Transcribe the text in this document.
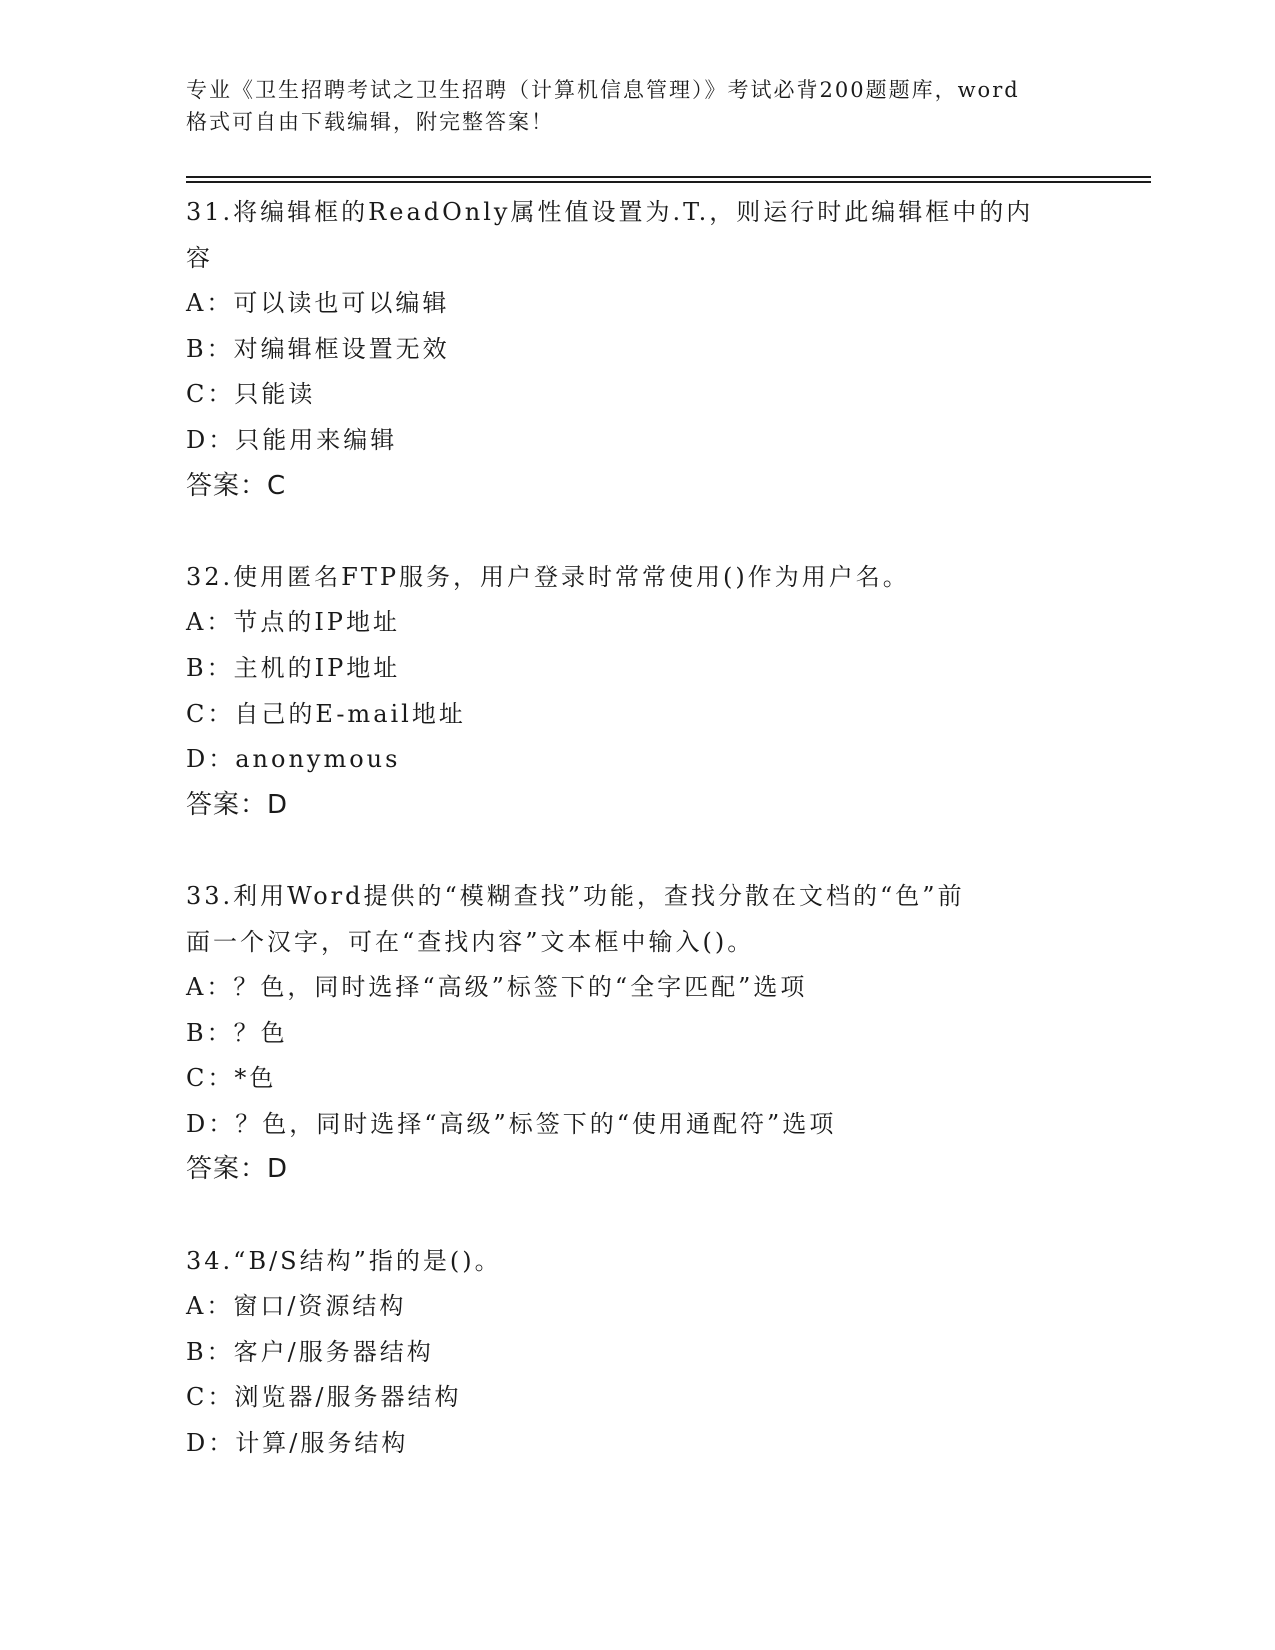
专业《卫生招聘考试之卫生招聘（计算机信息管理）》考试必背200题题库，word
格式可自由下载编辑，附完整答案！
31.将编辑框的ReadOnly属性值设置为.T.，则运行时此编辑框中的内
容
A：可以读也可以编辑
B：对编辑框设置无效
C：只能读
D：只能用来编辑
答案：C
32.使用匿名FTP服务，用户登录时常常使用()作为用户名。
A：节点的IP地址
B：主机的IP地址
C：自己的E-mail地址
D：anonymous
答案：D
33.利用Word提供的“模糊查找”功能，查找分散在文档的“色”前
面一个汉字，可在“查找内容”文本框中输入()。
A：？色，同时选择“高级”标签下的“全字匹配”选项
B：？色
C：*色
D：？色，同时选择“高级”标签下的“使用通配符”选项
答案：D
34.“B/S结构”指的是()。
A：窗口/资源结构
B：客户/服务器结构
C：浏览器/服务器结构
D：计算/服务结构
